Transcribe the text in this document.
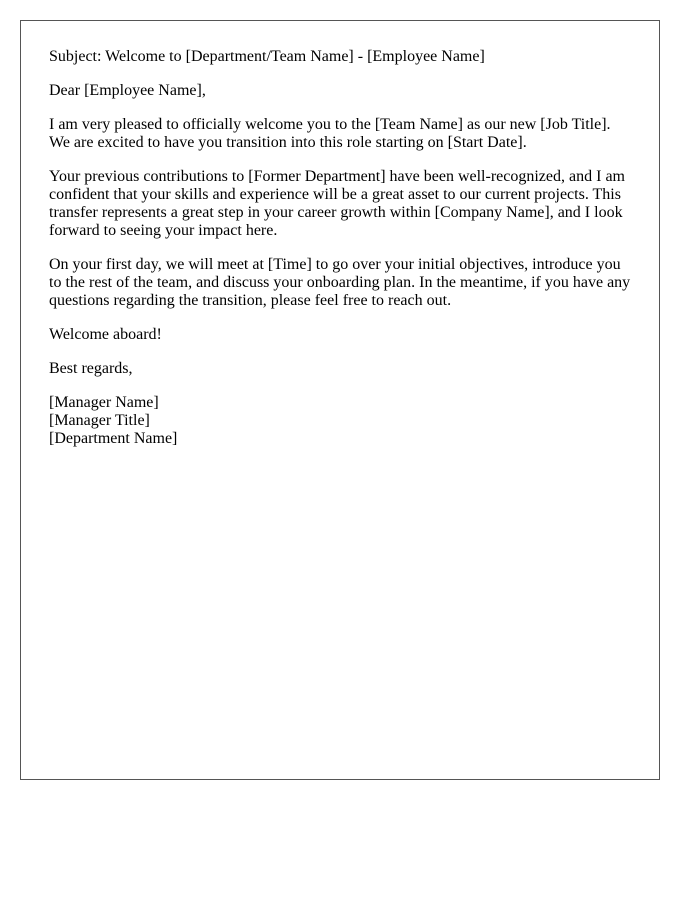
Subject: Welcome to [Department/Team Name] - [Employee Name]

Dear [Employee Name],

I am very pleased to officially welcome you to the [Team Name] as our new [Job Title]. We are excited to have you transition into this role starting on [Start Date].

Your previous contributions to [Former Department] have been well-recognized, and I am confident that your skills and experience will be a great asset to our current projects. This transfer represents a great step in your career growth within [Company Name], and I look forward to seeing your impact here.

On your first day, we will meet at [Time] to go over your initial objectives, introduce you to the rest of the team, and discuss your onboarding plan. In the meantime, if you have any questions regarding the transition, please feel free to reach out.

Welcome aboard!

Best regards,

[Manager Name]
[Manager Title]
[Department Name]
